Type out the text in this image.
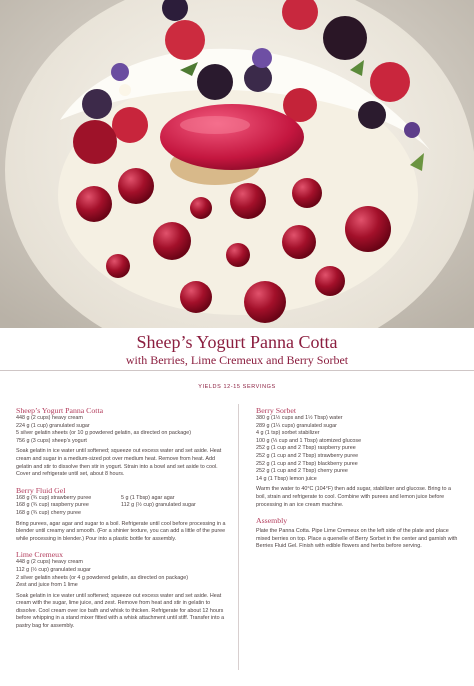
Sheep’s Yogurt Panna Cotta
with Berries, Lime Cremeux and Berry Sorbet
YIELDS 12-15 SERVINGS
Sheep’s Yogurt Panna Cotta

448 g (2 cups) heavy cream

224 g (1 cup) granulated sugar

5 silver gelatin sheets (or 10 g powdered gelatin, as directed on package)

756 g (3 cups) sheep’s yogurt

Soak gelatin in ice water until softened; squeeze out excess water and set aside. Heat cream and sugar in a medium-sized pot over medium heat. Remove from heat. Add gelatin and stir to dissolve then stir in yogurt. Strain into a bowl and set aside to cool. Cover and refrigerate until set, about 8 hours.

Berry Fluid Gel

168 g (¾ cup) strawberry puree

168 g (¾ cup) raspberry puree

168 g (¾ cup) cherry puree

5 g (1 Tbsp) agar agar

112 g (½ cup) granulated sugar

Bring purees, agar agar and sugar to a boil. Refrigerate until cool before processing in a blender until creamy and smooth. (For a shinier texture, you can add a little of the puree while processing in blender.) Pour into a plastic bottle for assembly.

Lime Cremeux

448 g (2 cups) heavy cream

112 g (½ cup) granulated sugar

2 silver gelatin sheets (or 4 g powdered gelatin, as directed on package)

Zest and juice from 1 lime

Soak gelatin in ice water until softened; squeeze out excess water and set aside. Heat cream with the sugar, lime juice, and zest. Remove from heat and stir in gelatin to dissolve. Cool cream over ice bath and whisk to thicken. Refrigerate for about 12 hours before whipping in a stand mixer fitted with a whisk attachment until stiff. Transfer into a pastry bag for assembly.

Berry Sorbet

380 g (1½ cups and 1½ Tbsp) water

289 g (1¼ cups) granulated sugar

4 g (1 tsp) sorbet stabilizer

100 g (⅓ cup and 1 Tbsp) atomized glucose

252 g (1 cup and 2 Tbsp) raspberry puree

252 g (1 cup and 2 Tbsp) strawberry puree

252 g (1 cup and 2 Tbsp) blackberry puree

252 g (1 cup and 2 Tbsp) cherry puree

14 g (1 Tbsp) lemon juice

Warm the water to 40°C (104°F) then add sugar, stabilizer and glucose. Bring to a boil, strain and refrigerate to cool. Combine with purees and lemon juice before processing in an ice cream machine.

Assembly

Plate the Panna Cotta. Pipe Lime Cremeux on the left side of the plate and place mixed berries on top. Place a quenelle of Berry Sorbet in the center and garnish with Berries Fluid Gel. Finish with edible flowers and herbs before serving.
